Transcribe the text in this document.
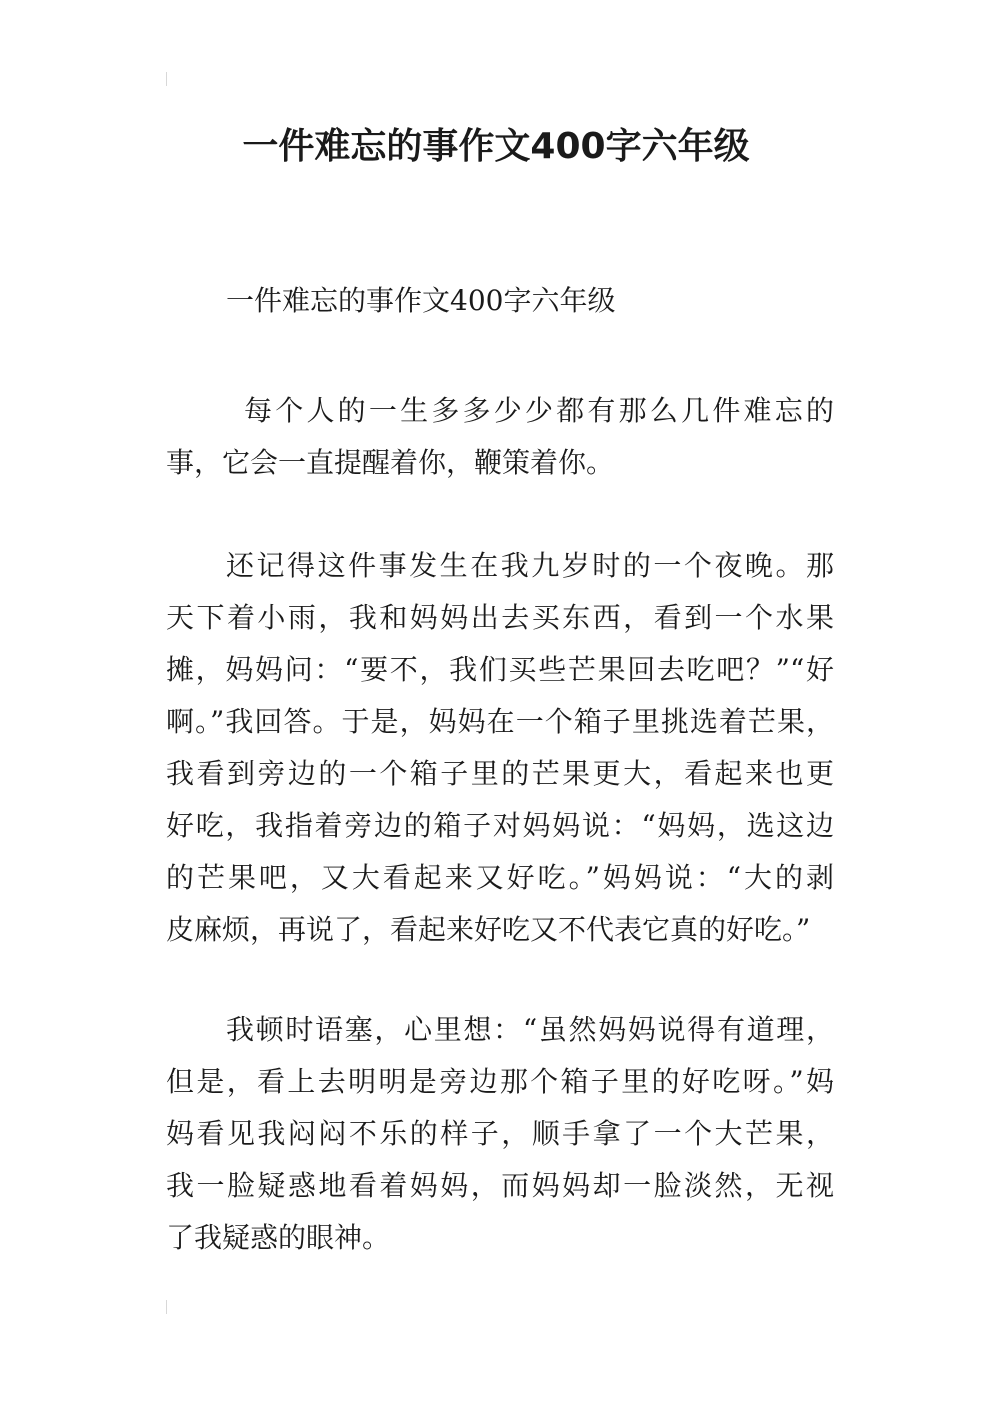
一件难忘的事作文400字六年级

一件难忘的事作文400字六年级

每个人的一生多多少少都有那么几件难忘的
事，它会一直提醒着你，鞭策着你。
还记得这件事发生在我九岁时的一个夜晚。那
天下着小雨，我和妈妈出去买东西，看到一个水果
摊，妈妈问：“要不，我们买些芒果回去吃吧？”“好
啊。”我回答。于是，妈妈在一个箱子里挑选着芒果，
我看到旁边的一个箱子里的芒果更大，看起来也更
好吃，我指着旁边的箱子对妈妈说：“妈妈，选这边
的芒果吧，又大看起来又好吃。”妈妈说：“大的剥
皮麻烦，再说了，看起来好吃又不代表它真的好吃。”
我顿时语塞，心里想：“虽然妈妈说得有道理，
但是，看上去明明是旁边那个箱子里的好吃呀。”妈
妈看见我闷闷不乐的样子，顺手拿了一个大芒果，
我一脸疑惑地看着妈妈，而妈妈却一脸淡然，无视
了我疑惑的眼神。
